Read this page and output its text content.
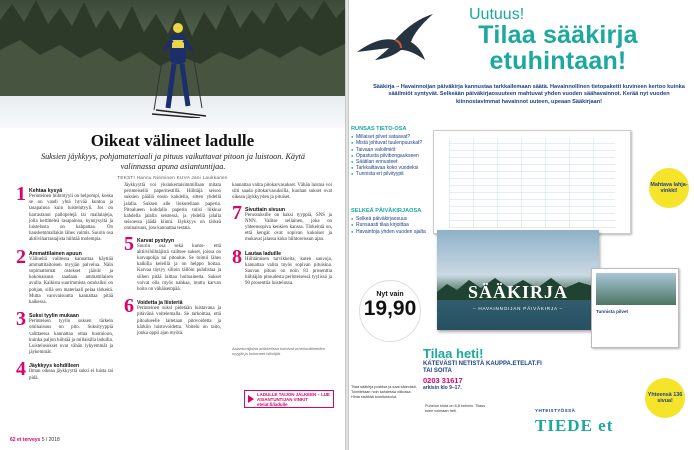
Oikeat välineet ladulle
Suksien jäykkyys, pohjamateriaali ja pituus vaikuttavat pitoon ja luistoon. Käytä valinnassa apuna asiantuntijaa.
TEKSTI Hannu Nieminen KUVA Jani Laukkanen
1 Kehtaa kysyä
Perinteinen hiihtotyyli on helpompi, koska se on vaadi yhtä hyvää kuntoa ja tasapainoa kuin luistelutyyli. Jos on harrastanut pallopelejä tai mailalajeja, jolla keltitteleä tasapainoa, kynnysyltä ja luistelusta on kahpattaa. On hauskemmallakin lähes valmis. Suurin osa aktiiviharrastajista hiihtää molempia.
2 Ammattilainen apuun
Välineitä valitessa kannattaa käyttää ammattitaitoisen myyjän palvelua. Näin sopimattomat ostokset jäävät ja kokonaisuus saadaan ammattilaisen avulla. Kaikista suurimmista ostoksiksi on pohjan, sillä sen materiaali pelaa tärkeitä. Mutta varovaisuutta kannattaa pitää kaikessa.
3 Suksi tyylin mukaan
Perinteisen tyylin suksen tärkein ominaisuus on pito. Suksityyppiä valittaessa kannattaa ottaa huomioon, kuinka paljon hiihtää ja millaisilla laduilla. Luistelusukset ovat vähän lyhyemmät ja jäykemmät.
4 Jäykkyys kohdilleen
Ilman oikeaa jäykkyyttä suksi ei luista tai pidä.
Jäykkyyttä voi yksinkertaisimmillaan mitata perinteisellä paperitestillä. Hiihtäjä seisoo suksien päällä ensin kahdella, sitten yhdellä jalalla. Suksen alle liukutellaan paperia. Pitoalueen kohdalla paperin tulisi liikkua kahdella jalalla seistessä, ja yhdellä jalalla seisoessa jäädä kiinni. Jäykkyys on tärkeä ominaisuus, jota kannattaa testata.
5 Karvat pystyyn
Suurin osa sekä kunto- että aktiivihiihtäjistä valitsee sukset, joissa on karvapohja tai pitoalue. Se toimii lähes kaikilla keleillä ja on helppo hoitaa. Karvaa täytyy silloin tällöin puhdistaa ja siihen pitää laittaa hoitoainetta. Sukset voivat olla myös nahkaa, mutta karvan hoito on vähäisempää.
6 Voidetta ja liisteriä
Perinteinen suksi pidetään luistavana ja pitävänä voitelemalla. Se tarkoittaa, että pitoalueelle laitetaan pitovoidetta ja kärkiin luistovoidetta. Voitelu on taito, jonka oppii ajan myötä.
kannattaa valita pitokarvasukset. Vähän luistoa voi silti saada pitokarvasuksilla, kunhan sukset ovat oikean jäykkyyden ja pituiset.
7 Sivuttain sivuun
Perussuksille on kaksi tyyppiä, SNS ja NNN. Valitse sellainen, joka on yhteensopiva kenkien kanssa. Tärkeintä on, että kengät ovat sopivan kokoiset ja mukavat jalassa koko hiihtoreissun ajan.
8 Lautaa laduille
Hiihtämisen tarvikkeita, kuten sauvoja, kannattaa valita myös sopivan pituisina. Sauvan pituus on noin 83 prosenttia hiihtäjän pituudesta perinteisessä tyylissä ja 90 prosenttia luistelussa.
Asiantuntijoina artikkelissa toimivat urheiluvälineiden myyjät ja kokeneet hiihtäjät.
LADULLE TAIJON JÄLKEEN – LUE ASIANTUNTIJAN VINKIT etelat.fi/ladulle
62 et terveys 5 / 2018
Uutuus!
Tilaa sääkirja
etuhintaan!
Sääkirja – Havainnoijan päiväkirja kannustaa tarkkailemaan säätä. Havainnollinen tietopaketti kuvineen kertoo kuinka sääilmiöt syntyvät. Selkeään päiväkirjaosuuteen mahtuvat yhden vuoden säähavainnot. Kerää nyt vuoden kiinnostavimmat havainnot uuteen, upeaan Sääkirjaan!
RUNSAS TIETO-OSA
● Millaiset pilvet sataavat?
● Mistä johtuvat tuulenpuuskat?
● Taivaan valoilmiöt
● Opastusta pilvibongaukseen
● Säätilan ennusteet
● Tarkkailtavaa koko vuodeksi
● Tunnista eri pilvityypit
SELKEÄ PÄIVÄKIRJAOSA
● Selkeä päiväkirjaosuus
● Runsaasti tilaa kirjoittaa
● Havaintoja yhden vuoden ajalta
SÄÄKIRJA
– HAVAINNOIJAN PÄIVÄKIRJA –
Tunnista pilvet
Nyt vain
19,90
Mahtava lahja-vinkki!
Yhteensä 136 sivua!
Tilaa sääkirja postitse ja saat kätevästi. Toimitetaan noin kahdessa viikossa. Hinta sisältää toimituskulut.
Tilaa heti!
KÄTEVÄSTI NETISTÄ KAUPPA.ETELAT.FI TAI SOITA
0203 31617
arkisin klo 9–17.
Puhelun hinta on 8,8 snt/min. Tilaus tulee voimaan heti.	YHTEISTYÖSSÄ
TIEDE et
